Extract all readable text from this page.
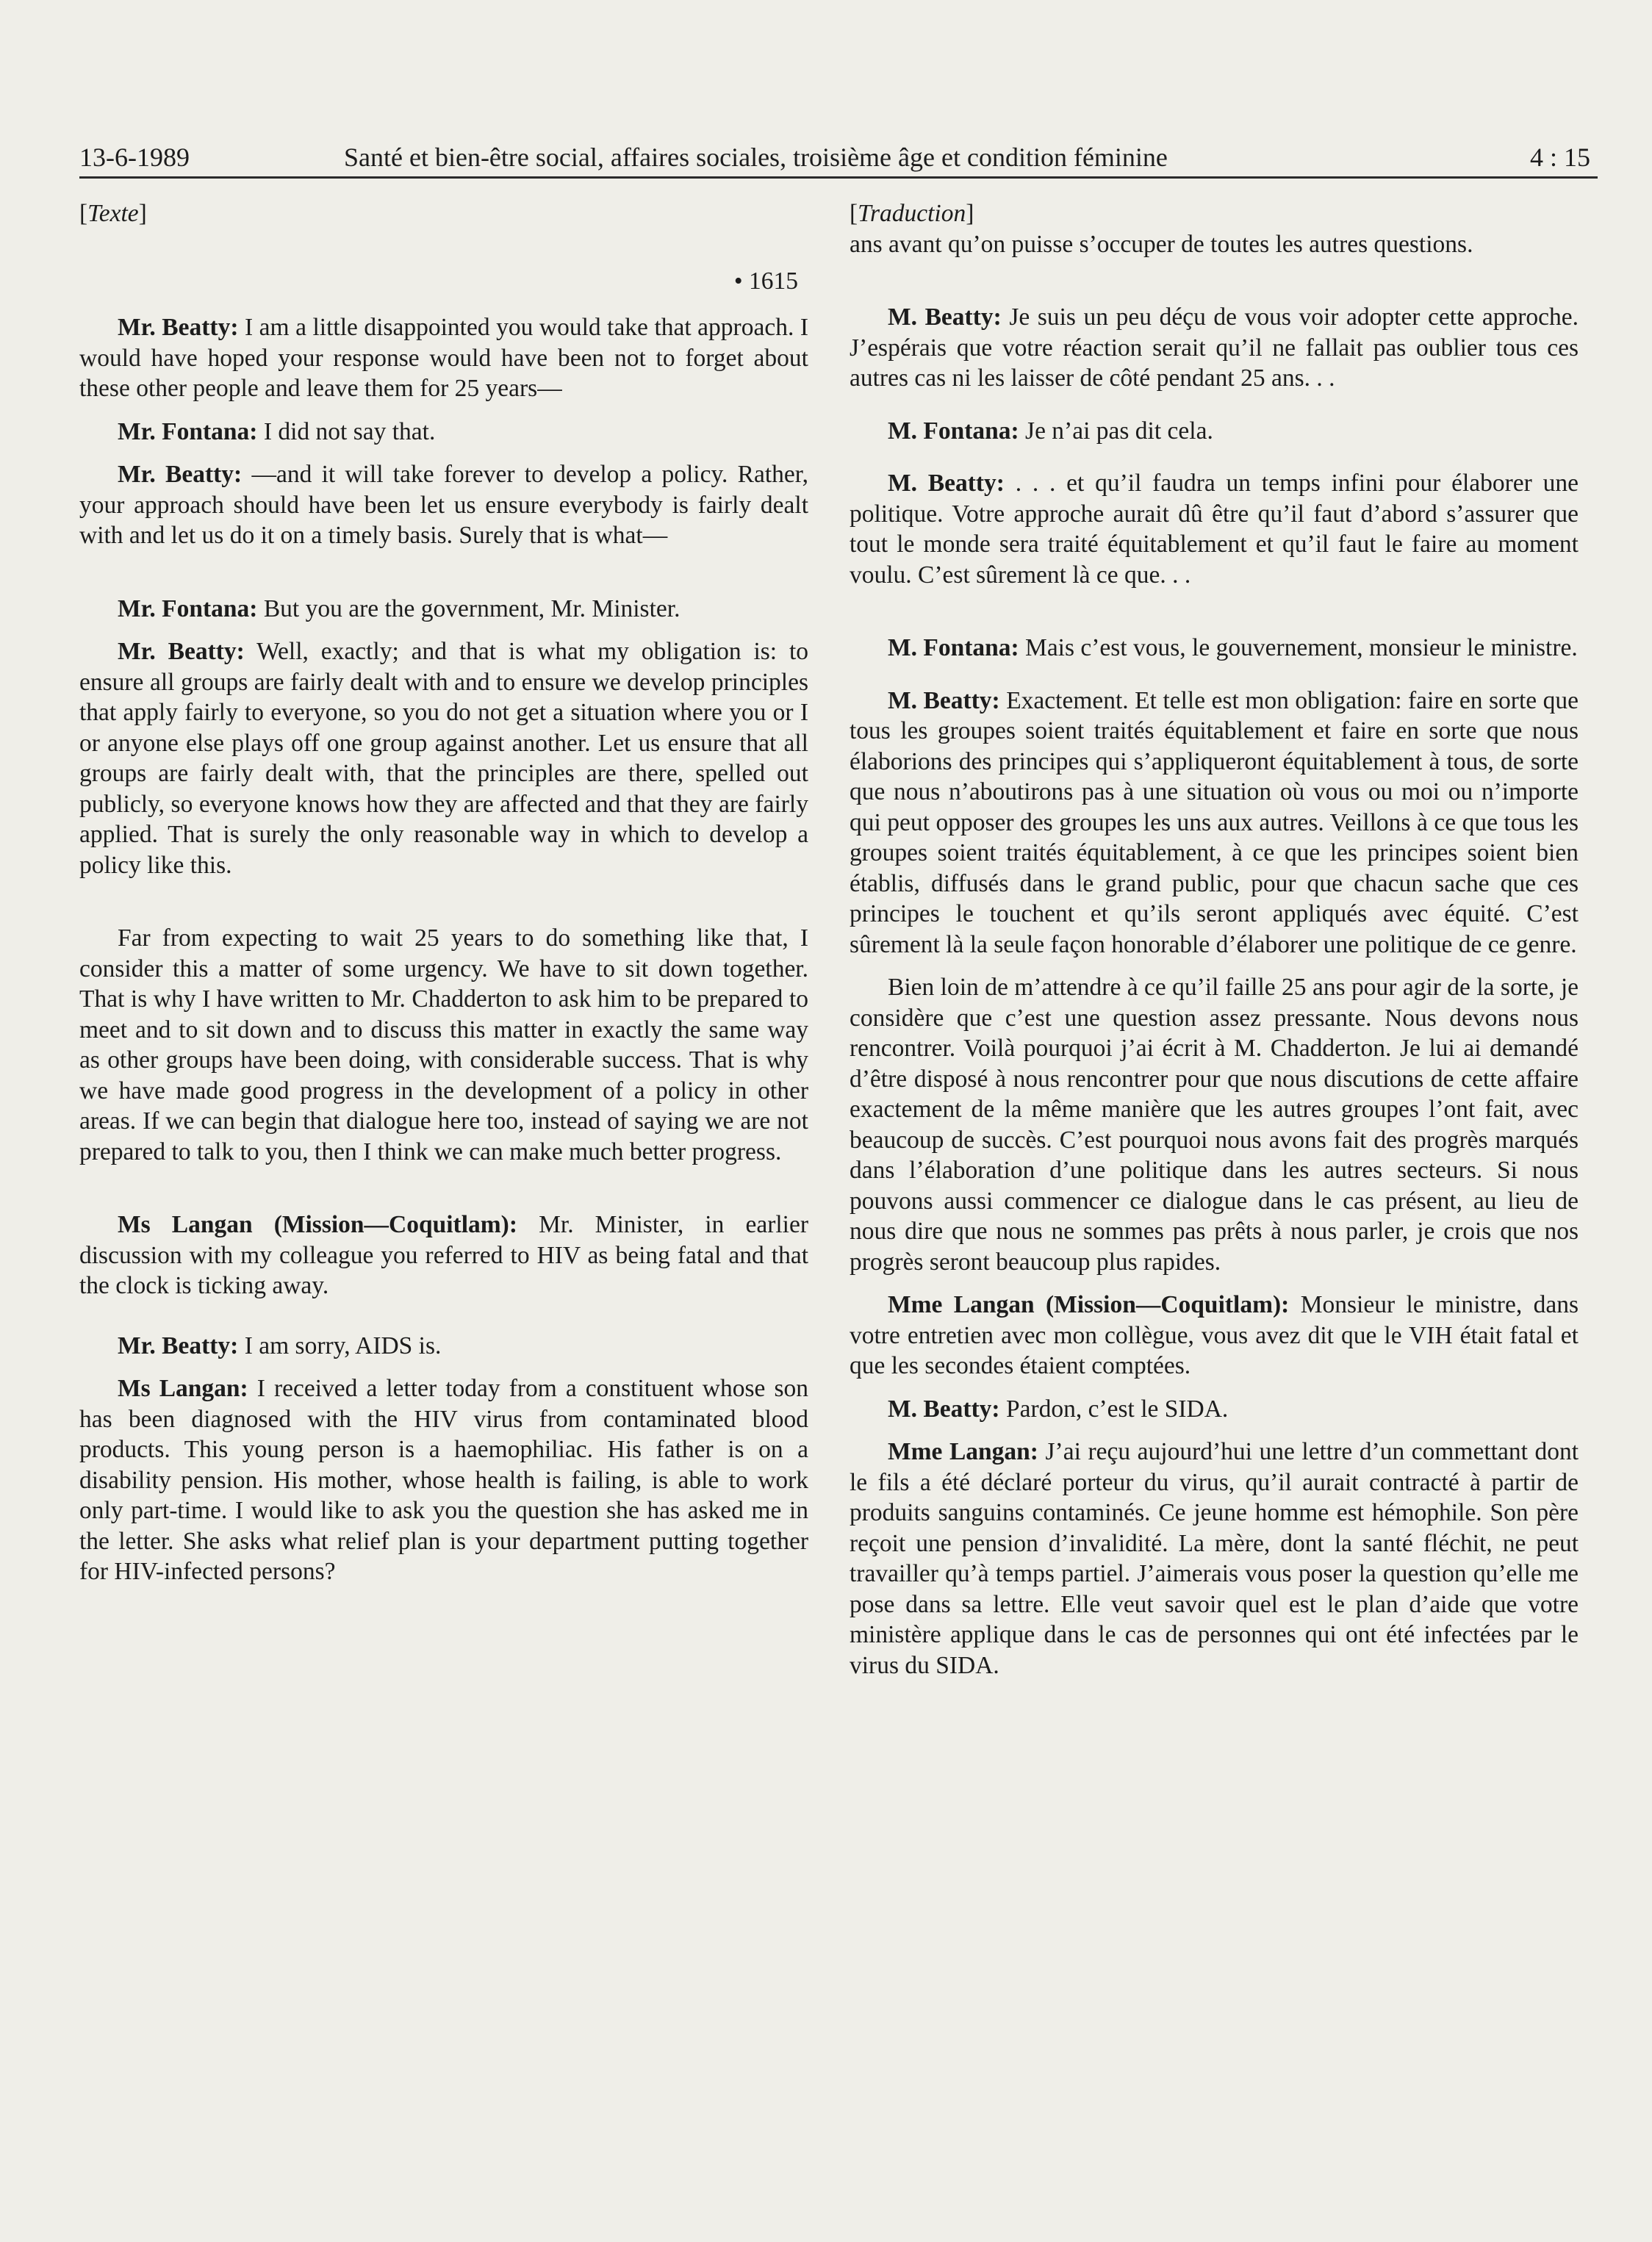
13-6-1989	Santé et bien-être social, affaires sociales, troisième âge et condition féminine	4 : 15

[Texte]

• 1615

Mr. Beatty: I am a little disappointed you would take that approach. I would have hoped your response would have been not to forget about these other people and leave them for 25 years—

Mr. Fontana: I did not say that.

Mr. Beatty: —and it will take forever to develop a policy. Rather, your approach should have been let us ensure everybody is fairly dealt with and let us do it on a timely basis. Surely that is what—

Mr. Fontana: But you are the government, Mr. Minister.

Mr. Beatty: Well, exactly; and that is what my obligation is: to ensure all groups are fairly dealt with and to ensure we develop principles that apply fairly to everyone, so you do not get a situation where you or I or anyone else plays off one group against another. Let us ensure that all groups are fairly dealt with, that the principles are there, spelled out publicly, so everyone knows how they are affected and that they are fairly applied. That is surely the only reasonable way in which to develop a policy like this.

Far from expecting to wait 25 years to do something like that, I consider this a matter of some urgency. We have to sit down together. That is why I have written to Mr. Chadderton to ask him to be prepared to meet and to sit down and to discuss this matter in exactly the same way as other groups have been doing, with considerable success. That is why we have made good progress in the development of a policy in other areas. If we can begin that dialogue here too, instead of saying we are not prepared to talk to you, then I think we can make much better progress.

Ms Langan (Mission—Coquitlam): Mr. Minister, in earlier discussion with my colleague you referred to HIV as being fatal and that the clock is ticking away.

Mr. Beatty: I am sorry, AIDS is.

Ms Langan: I received a letter today from a constituent whose son has been diagnosed with the HIV virus from contaminated blood products. This young person is a haemophiliac. His father is on a disability pension. His mother, whose health is failing, is able to work only part-time. I would like to ask you the question she has asked me in the letter. She asks what relief plan is your department putting together for HIV-infected persons?

[Traduction]

ans avant qu’on puisse s’occuper de toutes les autres questions.

M. Beatty: Je suis un peu déçu de vous voir adopter cette approche. J’espérais que votre réaction serait qu’il ne fallait pas oublier tous ces autres cas ni les laisser de côté pendant 25 ans. . .

M. Fontana: Je n’ai pas dit cela.

M. Beatty: . . . et qu’il faudra un temps infini pour élaborer une politique. Votre approche aurait dû être qu’il faut d’abord s’assurer que tout le monde sera traité équitablement et qu’il faut le faire au moment voulu. C’est sûrement là ce que. . .

M. Fontana: Mais c’est vous, le gouvernement, monsieur le ministre.

M. Beatty: Exactement. Et telle est mon obligation: faire en sorte que tous les groupes soient traités équitablement et faire en sorte que nous élaborions des principes qui s’appliqueront équitablement à tous, de sorte que nous n’aboutirons pas à une situation où vous ou moi ou n’importe qui peut opposer des groupes les uns aux autres. Veillons à ce que tous les groupes soient traités équitablement, à ce que les principes soient bien établis, diffusés dans le grand public, pour que chacun sache que ces principes le touchent et qu’ils seront appliqués avec équité. C’est sûrement là la seule façon honorable d’élaborer une politique de ce genre.

Bien loin de m’attendre à ce qu’il faille 25 ans pour agir de la sorte, je considère que c’est une question assez pressante. Nous devons nous rencontrer. Voilà pourquoi j’ai écrit à M. Chadderton. Je lui ai demandé d’être disposé à nous rencontrer pour que nous discutions de cette affaire exactement de la même manière que les autres groupes l’ont fait, avec beaucoup de succès. C’est pourquoi nous avons fait des progrès marqués dans l’élaboration d’une politique dans les autres secteurs. Si nous pouvons aussi commencer ce dialogue dans le cas présent, au lieu de nous dire que nous ne sommes pas prêts à nous parler, je crois que nos progrès seront beaucoup plus rapides.

Mme Langan (Mission—Coquitlam): Monsieur le ministre, dans votre entretien avec mon collègue, vous avez dit que le VIH était fatal et que les secondes étaient comptées.

M. Beatty: Pardon, c’est le SIDA.

Mme Langan: J’ai reçu aujourd’hui une lettre d’un commettant dont le fils a été déclaré porteur du virus, qu’il aurait contracté à partir de produits sanguins contaminés. Ce jeune homme est hémophile. Son père reçoit une pension d’invalidité. La mère, dont la santé fléchit, ne peut travailler qu’à temps partiel. J’aimerais vous poser la question qu’elle me pose dans sa lettre. Elle veut savoir quel est le plan d’aide que votre ministère applique dans le cas de personnes qui ont été infectées par le virus du SIDA.
